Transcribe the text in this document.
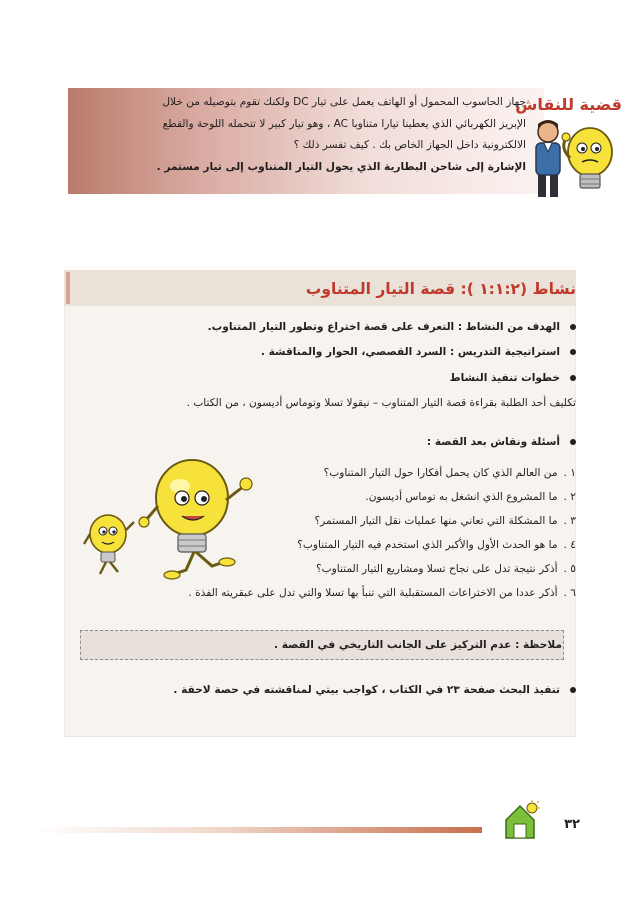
قضية للنقاش

جهاز الحاسوب المحمول أو الهاتف يعمل على تيار DC ولكنك تقوم بتوصيله من خلال

الإبريز الكهربائي الذي يعطينا تيارا متناوبا AC ، وهو تيار كبير لا تتحمله اللوحة والقطع

الالكترونية داخل الجهاز الخاص بك . كيف تفسر ذلك ؟

الإشارة إلى شاحن البطارية الذي يحول التيار المتناوب إلى تيار مستمر .

نشاط (١:١:٢ ): قصة التيار المتناوب
الهدف من النشاط : التعرف على قصة اختراع وتطور التيار المتناوب.
استراتيجية التدريس : السرد القصصي، الحوار والمناقشة .
خطوات تنفيذ النشاط
تكليف أحد الطلبة بقراءة قصة التيار المتناوب – نيقولا تسلا وتوماس أديسون ، من الكتاب .
أسئلة ونقاش بعد القصة :
١ .من العالم الذي كان يحمل أفكارا حول التيار المتناوب؟
٢ .ما المشروع الذي انشغل به توماس أديسون.
٣ .ما المشكلة التي تعاني منها عمليات نقل التيار المستمر؟
٤ .ما هو الحدث الأول والأكبر الذي استخدم فيه التيار المتناوب؟
٥ .أذكر نتيجة تدل على نجاح تسلا ومشاريع التيار المتناوب؟
٦ .أذكر عددا من الاختراعات المستقبلية التي تنبأ بها تسلا والتي تدل على عبقريته الفذة .
ملاحظة : عدم التركيز على الجانب التاريخي في القصة .
تنفيذ البحث صفحة ٢٣ في الكتاب ، كواجب بيتي لمناقشته في حصة لاحقة .
٣٢
